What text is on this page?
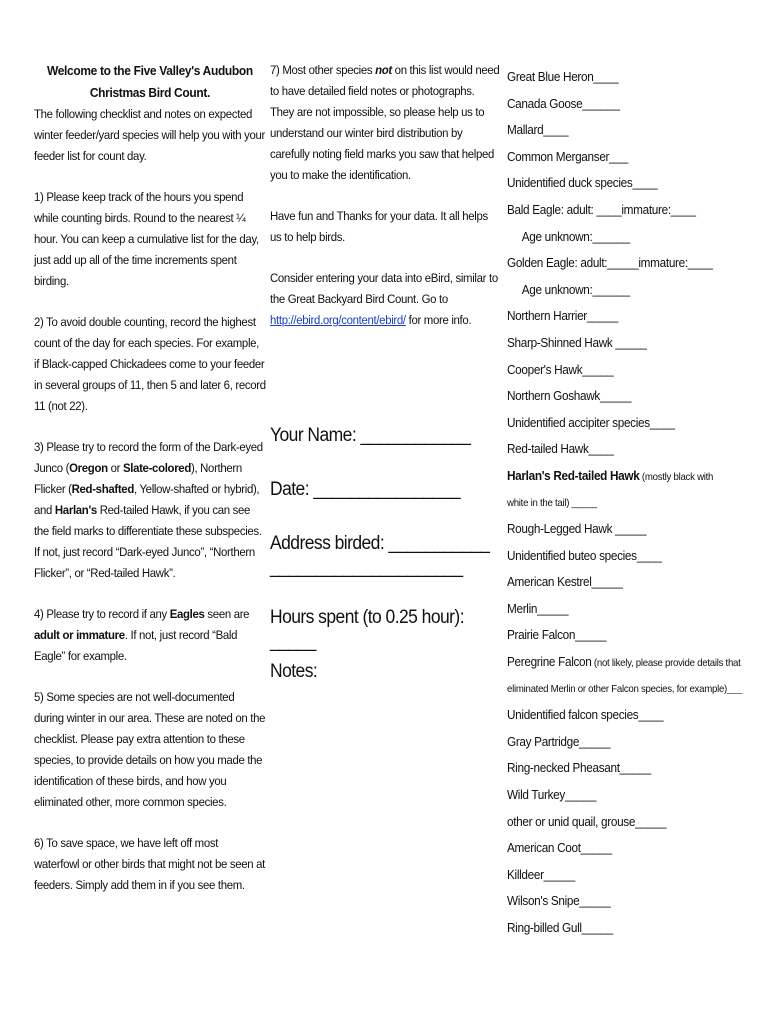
Welcome to the Five Valley's Audubon
Christmas Bird Count.

The following checklist and notes on expected winter feeder/yard species will help you with your feeder list for count day.

1) Please keep track of the hours you spend while counting birds. Round to the nearest ¼ hour. You can keep a cumulative list for the day, just add up all of the time increments spent birding.

2) To avoid double counting, record the highest count of the day for each species. For example, if Black-capped Chickadees come to your feeder in several groups of 11, then 5 and later 6, record 11 (not 22).

3) Please try to record the form of the Dark-eyed Junco (Oregon or Slate-colored), Northern Flicker (Red-shafted, Yellow-shafted or hybrid), and Harlan's Red-tailed Hawk, if you can see the field marks to differentiate these subspecies. If not, just record “Dark-eyed Junco”, “Northern Flicker”, or “Red-tailed Hawk”.

4) Please try to record if any Eagles seen are adult or immature. If not, just record “Bald Eagle” for example.

5) Some species are not well-documented during winter in our area. These are noted on the checklist. Please pay extra attention to these species, to provide details on how you made the identification of these birds, and how you eliminated other, more common species.

6) To save space, we have left off most waterfowl or other birds that might not be seen at feeders. Simply add them in if you see them.

7) Most other species not on this list would need to have detailed field notes or photographs. They are not impossible, so please help us to understand our winter bird distribution by carefully noting field marks you saw that helped you to make the identification.

Have fun and Thanks for your data. It all helps us to help birds.

Consider entering your data into eBird, similar to the Great Backyard Bird Count. Go to http://ebird.org/content/ebird/ for more info.

Your Name: ____________
Date: ________________
Address birded: ___________
_____________________
Hours spent (to 0.25 hour): _____
Notes:
Great Blue Heron____
Canada Goose______
Mallard____
Common Merganser___
Unidentified duck species____
Bald Eagle: adult: ____immature:____
Age unknown:______
Golden Eagle: adult:_____immature:____
Age unknown:______
Northern Harrier_____
Sharp-Shinned Hawk _____
Cooper's Hawk_____
Northern Goshawk_____
Unidentified accipiter species____
Red-tailed Hawk____
Harlan's Red-tailed Hawk (mostly black with
white in the tail) _____
Rough-Legged Hawk _____
Unidentified buteo species____
American Kestrel_____
Merlin_____
Prairie Falcon_____
Peregrine Falcon (not likely, please provide details that
eliminated Merlin or other Falcon species, for example)____
Unidentified falcon species____
Gray Partridge_____
Ring-necked Pheasant_____
Wild Turkey_____
other or unid quail, grouse_____
American Coot_____
Killdeer_____
Wilson's Snipe_____
Ring-billed Gull_____
